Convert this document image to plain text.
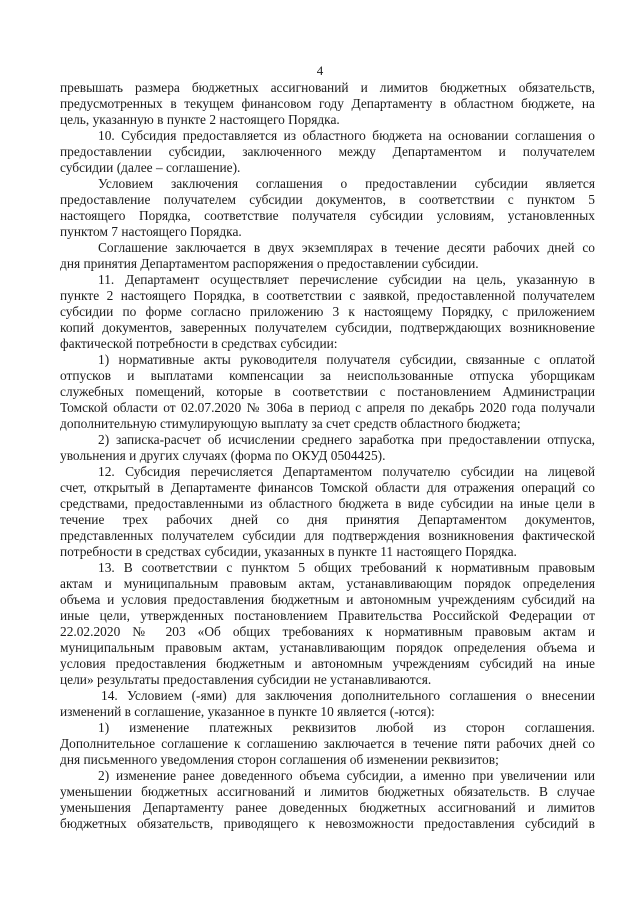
4
превышать размера бюджетных ассигнований и лимитов бюджетных обязательств,
предусмотренных в текущем финансовом году Департаменту в областном бюджете, на
цель, указанную в пункте 2 настоящего Порядка.
10. Субсидия предоставляется из областного бюджета на основании соглашения о
предоставлении субсидии, заключенного между Департаментом и получателем
субсидии (далее – соглашение).
Условием заключения соглашения о предоставлении субсидии является
предоставление получателем субсидии документов, в соответствии с пунктом 5
настоящего Порядка, соответствие получателя субсидии условиям, установленных
пунктом 7 настоящего Порядка.
Соглашение заключается в двух экземплярах в течение десяти рабочих дней со
дня принятия Департаментом распоряжения о предоставлении субсидии.
11. Департамент осуществляет перечисление субсидии на цель, указанную в
пункте 2 настоящего Порядка, в соответствии с заявкой, предоставленной получателем
субсидии по форме согласно приложению 3 к настоящему Порядку, с приложением
копий документов, заверенных получателем субсидии, подтверждающих возникновение
фактической потребности в средствах субсидии:
1) нормативные акты руководителя получателя субсидии, связанные с оплатой
отпусков и выплатами компенсации за неиспользованные отпуска уборщикам
служебных помещений, которые в соответствии с постановлением Администрации
Томской области от 02.07.2020 № 306а в период с апреля по декабрь 2020 года получали
дополнительную стимулирующую выплату за счет средств областного бюджета;
2) записка-расчет об исчислении среднего заработка при предоставлении отпуска,
увольнения и других случаях (форма по ОКУД 0504425).
12. Субсидия перечисляется Департаментом получателю субсидии на лицевой
счет, открытый в Департаменте финансов Томской области для отражения операций со
средствами, предоставленными из областного бюджета в виде субсидии на иные цели в
течение трех рабочих дней со дня принятия Департаментом документов,
представленных получателем субсидии для подтверждения возникновения фактической
потребности в средствах субсидии, указанных в пункте 11 настоящего Порядка.
13. В соответствии с пунктом 5 общих требований к нормативным правовым
актам и муниципальным правовым актам, устанавливающим порядок определения
объема и условия предоставления бюджетным и автономным учреждениям субсидий на
иные цели, утвержденных постановлением Правительства Российской Федерации от
22.02.2020 № 203 «Об общих требованиях к нормативным правовым актам и
муниципальным правовым актам, устанавливающим порядок определения объема и
условия предоставления бюджетным и автономным учреждениям субсидий на иные
цели» результаты предоставления субсидии не устанавливаются.
14. Условием (-ями) для заключения дополнительного соглашения о внесении
изменений в соглашение, указанное в пункте 10 является (-ются):
1) изменение платежных реквизитов любой из сторон соглашения.
Дополнительное соглашение к соглашению заключается в течение пяти рабочих дней со
дня письменного уведомления сторон соглашения об изменении реквизитов;
2) изменение ранее доведенного объема субсидии, а именно при увеличении или
уменьшении бюджетных ассигнований и лимитов бюджетных обязательств. В случае
уменьшения Департаменту ранее доведенных бюджетных ассигнований и лимитов
бюджетных обязательств, приводящего к невозможности предоставления субсидий в
